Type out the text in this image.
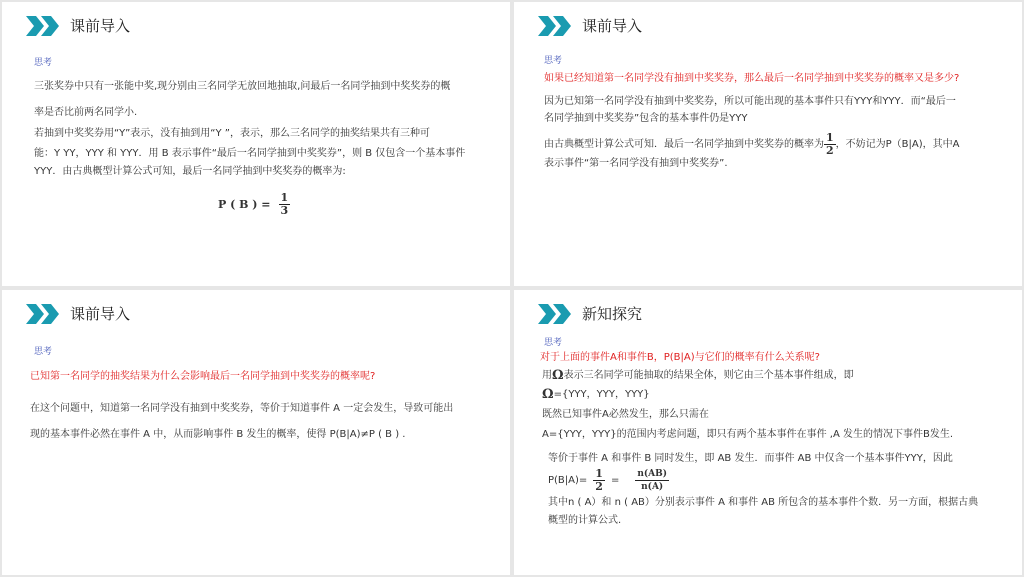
课前导入
思考
三张奖券中只有一张能中奖,现分别由三名同学无放回地抽取,问最后一名同学抽到中奖奖券的概
率是否比前两名同学小.
若抽到中奖奖券用“Y”表示，没有抽到用“Y ”，表示，那么三名同学的抽奖结果共有三种可
能：Y YY，YYY 和 YYY．用 B 表示事件“最后一名同学抽到中奖奖券”，则 B 仅包含一个基本事件
YYY．由古典概型计算公式可知，最后一名同学抽到中奖奖券的概率为:
P ( B ) = $\frac{1}{3}$
课前导入
思考
如果已经知道第一名同学没有抽到中奖奖券，那么最后一名同学抽到中奖奖券的概率又是多少?
因为已知第一名同学没有抽到中奖奖券，所以可能出现的基本事件只有YYY和YYY．而“最后一
名同学抽到中奖奖券”包含的基本事件仍是YYY
由古典概型计算公式可知．最后一名同学抽到中奖奖券的概率为 $\frac{1}{2}$ ，不妨记为P（B|A)，其中A
表示事件“第一名同学没有抽到中奖奖券”.
课前导入
思考
已知第一名同学的抽奖结果为什么会影响最后一名同学抽到中奖奖券的概率呢?
在这个问题中，知道第一名同学没有抽到中奖奖券，等价于知道事件 A 一定会发生，导致可能出
现的基本事件必然在事件 A 中，从而影响事件 B 发生的概率，使得 P(B|A)≠P ( B ) .
新知探究
思考
对于上面的事件A和事件B，P(B|A)与它们的概率有什么关系呢?
用 Ω 表示三名同学可能抽取的结果全体，则它由三个基本事件组成，即
Ω ={YYY，YYY，YYY}
既然已知事件A必然发生，那么只需在
A={YYY，YYY}的范围内考虑问题，即只有两个基本事件在事件 ,A 发生的情况下事件B发生.
等价于事件 A 和事件 B 同时发生，即 AB 发生．而事件 AB 中仅含一个基本事件YYY，因此
$P(B|A)= \frac{1}{2} = \frac{n(AB)}{n(A)}$
其中n ( A）和 n ( AB）分别表示事件 A 和事件 AB 所包含的基本事件个数．另一方面，根据古典
概型的计算公式.
